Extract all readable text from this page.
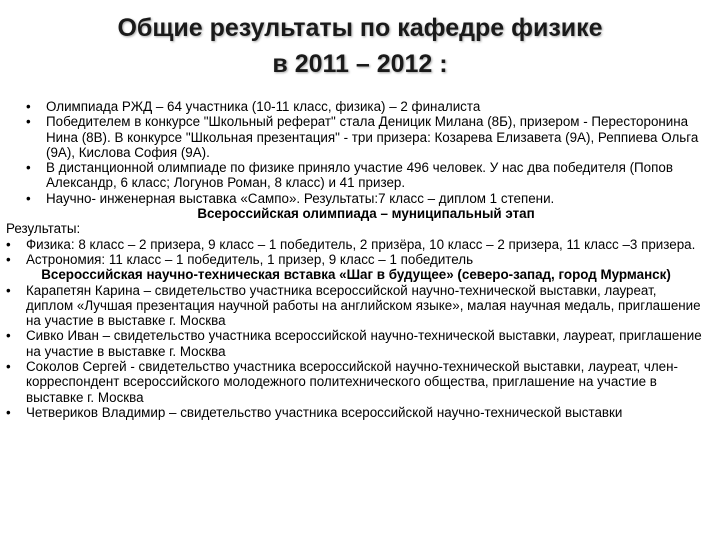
Общие результаты по кафедре физике
в 2011 – 2012 :
•	Олимпиада РЖД – 64 участника (10-11 класс, физика) – 2 финалиста
•	Победителем в конкурсе "Школьный реферат" стала Деницик Милана (8Б), призером - Пересторонина Нина (8В). В конкурсе "Школьная презентация" - три призера: Козарева Елизавета (9А), Реппиева Ольга (9А), Кислова София (9А).
•	В дистанционной олимпиаде по физике приняло участие 496 человек. У нас два победителя (Попов Александр, 6 класс; Логунов Роман, 8 класс) и 41 призер.
•	Научно- инженерная выставка «Сампо». Результаты:7 класс – диплом 1 степени.
Всероссийская олимпиада – муниципальный этап
Результаты:
•	Физика: 8 класс – 2 призера, 9 класс – 1 победитель, 2 призёра, 10 класс – 2 призера, 11 класс –3 призера.
•	Астрономия: 11 класс – 1 победитель, 1 призер, 9 класс – 1 победитель
Всероссийская научно-техническая вставка «Шаг в будущее» (северо-запад, город Мурманск)
•	Карапетян Карина – свидетельство участника всероссийской научно-технической выставки, лауреат, диплом «Лучшая презентация научной работы на английском языке», малая научная медаль, приглашение на участие в выставке г. Москва
•	Сивко Иван – свидетельство участника всероссийской научно-технической выставки, лауреат, приглашение на участие в выставке г. Москва
•	Соколов Сергей - свидетельство участника всероссийской научно-технической выставки, лауреат, член-корреспондент всероссийского молодежного политехнического общества, приглашение на участие в выставке г. Москва
•	Четвериков Владимир – свидетельство участника всероссийской научно-технической выставки
